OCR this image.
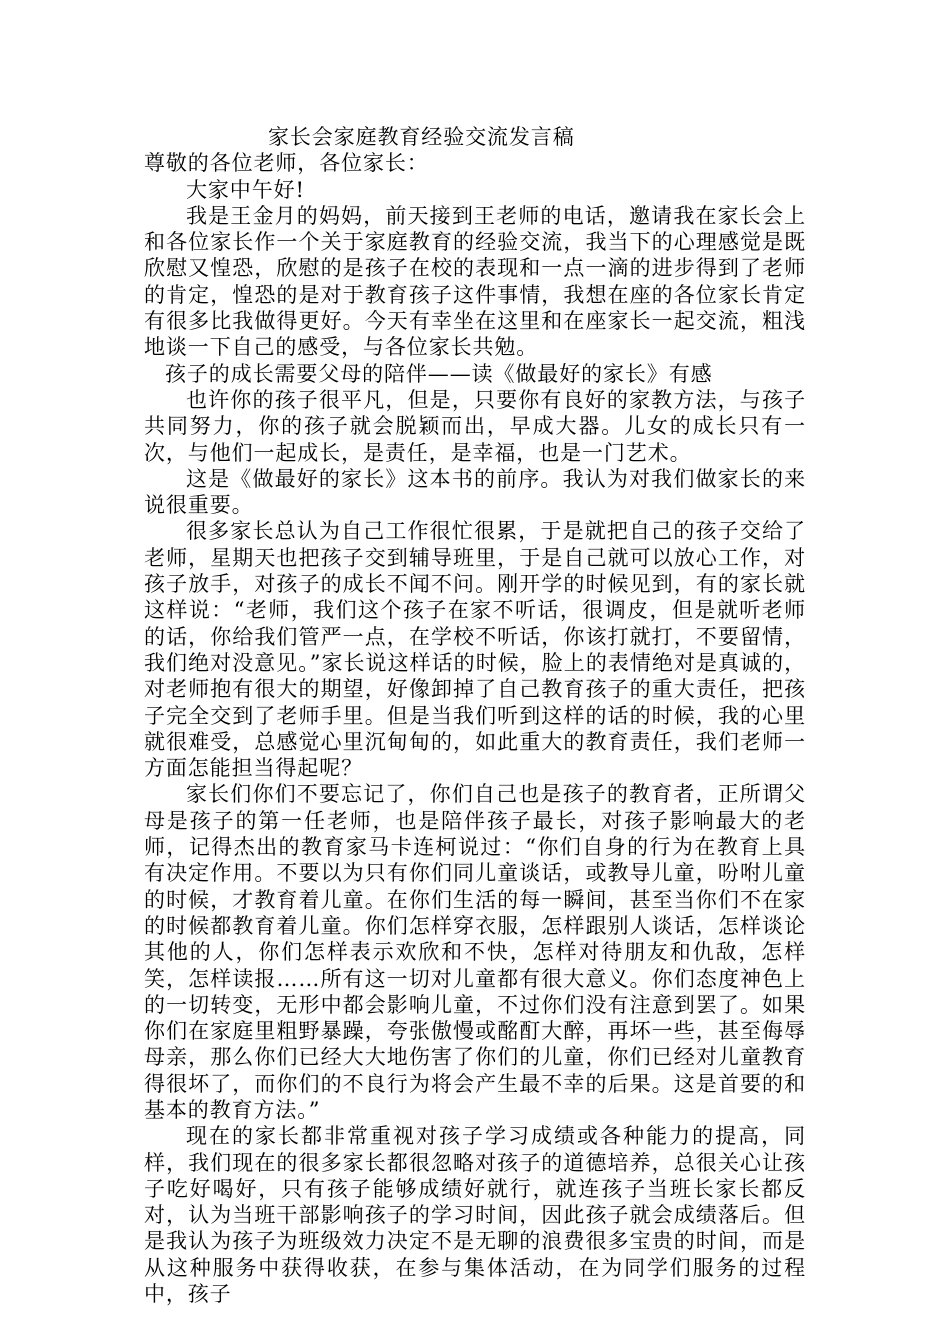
家长会家庭教育经验交流发言稿

尊敬的各位老师，各位家长：

大家中午好!

我是王金月的妈妈，前天接到王老师的电话，邀请我在家长会上和各位家长作一个关于家庭教育的经验交流，我当下的心理感觉是既欣慰又惶恐，欣慰的是孩子在校的表现和一点一滴的进步得到了老师的肯定，惶恐的是对于教育孩子这件事情，我想在座的各位家长肯定有很多比我做得更好。今天有幸坐在这里和在座家长一起交流，粗浅地谈一下自己的感受，与各位家长共勉。

孩子的成长需要父母的陪伴——读《做最好的家长》有感

也许你的孩子很平凡，但是，只要你有良好的家教方法，与孩子共同努力，你的孩子就会脱颖而出，早成大器。儿女的成长只有一次，与他们一起成长，是责任，是幸福，也是一门艺术。

这是《做最好的家长》这本书的前序。我认为对我们做家长的来说很重要。

很多家长总认为自己工作很忙很累，于是就把自己的孩子交给了老师，星期天也把孩子交到辅导班里，于是自己就可以放心工作，对孩子放手，对孩子的成长不闻不问。刚开学的时候见到，有的家长就这样说：“老师，我们这个孩子在家不听话，很调皮，但是就听老师的话，你给我们管严一点，在学校不听话，你该打就打，不要留情，我们绝对没意见。”家长说这样话的时候，脸上的表情绝对是真诚的，对老师抱有很大的期望，好像卸掉了自己教育孩子的重大责任，把孩子完全交到了老师手里。但是当我们听到这样的话的时候，我的心里就很难受，总感觉心里沉甸甸的，如此重大的教育责任，我们老师一方面怎能担当得起呢？

家长们你们不要忘记了，你们自己也是孩子的教育者，正所谓父母是孩子的第一任老师，也是陪伴孩子最长，对孩子影响最大的老师，记得杰出的教育家马卡连柯说过：“你们自身的行为在教育上具有决定作用。不要以为只有你们同儿童谈话，或教导儿童，吩咐儿童的时候，才教育着儿童。在你们生活的每一瞬间，甚至当你们不在家的时候都教育着儿童。你们怎样穿衣服，怎样跟别人谈话，怎样谈论其他的人，你们怎样表示欢欣和不快，怎样对待朋友和仇敌，怎样笑，怎样读报……所有这一切对儿童都有很大意义。你们态度神色上的一切转变，无形中都会影响儿童，不过你们没有注意到罢了。如果你们在家庭里粗野暴躁，夸张傲慢或酩酊大醉，再坏一些，甚至侮辱母亲，那么你们已经大大地伤害了你们的儿童，你们已经对儿童教育得很坏了，而你们的不良行为将会产生最不幸的后果。这是首要的和基本的教育方法。”

现在的家长都非常重视对孩子学习成绩或各种能力的提高，同样，我们现在的很多家长都很忽略对孩子的道德培养，总很关心让孩子吃好喝好，只有孩子能够成绩好就行，就连孩子当班长家长都反对，认为当班干部影响孩子的学习时间，因此孩子就会成绩落后。但是我认为孩子为班级效力决定不是无聊的浪费很多宝贵的时间，而是从这种服务中获得收获，在参与集体活动，在为同学们服务的过程中，孩子
